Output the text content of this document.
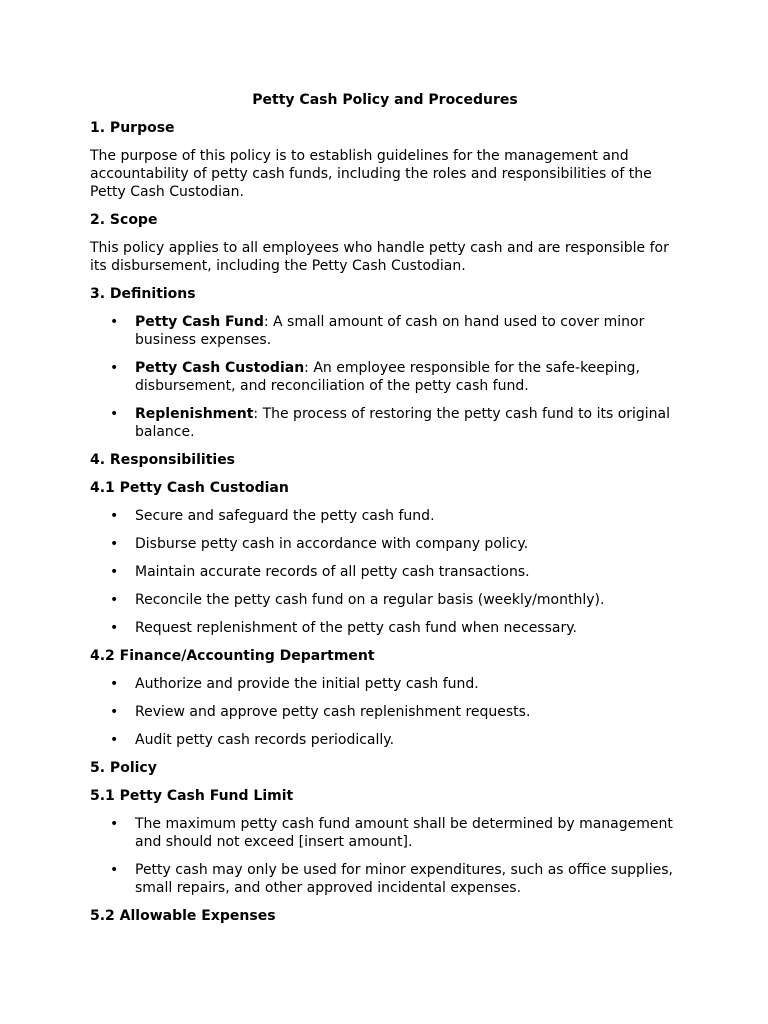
Petty Cash Policy and Procedures
1. Purpose
The purpose of this policy is to establish guidelines for the management and accountability of petty cash funds, including the roles and responsibilities of the Petty Cash Custodian.
2. Scope
This policy applies to all employees who handle petty cash and are responsible for its disbursement, including the Petty Cash Custodian.
3. Definitions
• Petty Cash Fund: A small amount of cash on hand used to cover minor business expenses.
• Petty Cash Custodian: An employee responsible for the safe-keeping, disbursement, and reconciliation of the petty cash fund.
• Replenishment: The process of restoring the petty cash fund to its original balance.
4. Responsibilities
4.1 Petty Cash Custodian
• Secure and safeguard the petty cash fund.
• Disburse petty cash in accordance with company policy.
• Maintain accurate records of all petty cash transactions.
• Reconcile the petty cash fund on a regular basis (weekly/monthly).
• Request replenishment of the petty cash fund when necessary.
4.2 Finance/Accounting Department
• Authorize and provide the initial petty cash fund.
• Review and approve petty cash replenishment requests.
• Audit petty cash records periodically.
5. Policy
5.1 Petty Cash Fund Limit
• The maximum petty cash fund amount shall be determined by management and should not exceed [insert amount].
• Petty cash may only be used for minor expenditures, such as office supplies, small repairs, and other approved incidental expenses.
5.2 Allowable Expenses
